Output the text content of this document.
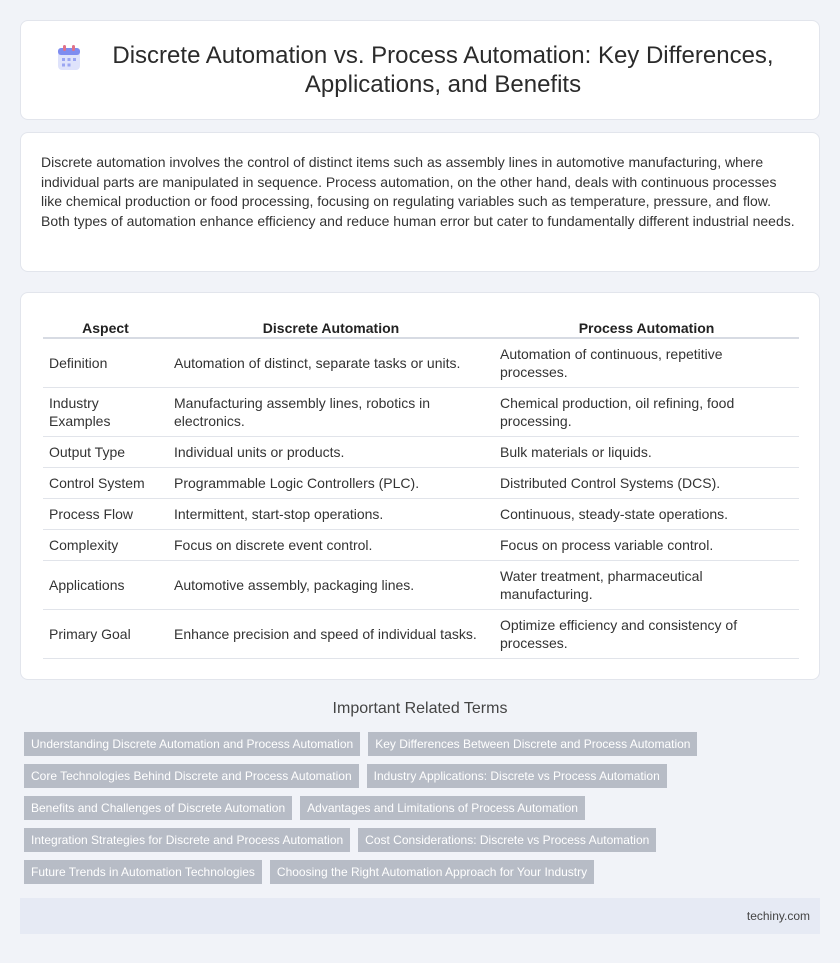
Discrete Automation vs. Process Automation: Key Differences, Applications, and Benefits

Discrete automation involves the control of distinct items such as assembly lines in automotive manufacturing, where individual parts are manipulated in sequence. Process automation, on the other hand, deals with continuous processes like chemical production or food processing, focusing on regulating variables such as temperature, pressure, and flow. Both types of automation enhance efficiency and reduce human error but cater to fundamentally different industrial needs.

Aspect	Discrete Automation	Process Automation
Definition	Automation of distinct, separate tasks or units.	Automation of continuous, repetitive processes.
Industry Examples	Manufacturing assembly lines, robotics in electronics.	Chemical production, oil refining, food processing.
Output Type	Individual units or products.	Bulk materials or liquids.
Control System	Programmable Logic Controllers (PLC).	Distributed Control Systems (DCS).
Process Flow	Intermittent, start-stop operations.	Continuous, steady-state operations.
Complexity	Focus on discrete event control.	Focus on process variable control.
Applications	Automotive assembly, packaging lines.	Water treatment, pharmaceutical manufacturing.
Primary Goal	Enhance precision and speed of individual tasks.	Optimize efficiency and consistency of processes.
Important Related Terms
Understanding Discrete Automation and Process Automation	Key Differences Between Discrete and Process Automation
Core Technologies Behind Discrete and Process Automation	Industry Applications: Discrete vs Process Automation
Benefits and Challenges of Discrete Automation	Advantages and Limitations of Process Automation
Integration Strategies for Discrete and Process Automation	Cost Considerations: Discrete vs Process Automation
Future Trends in Automation Technologies	Choosing the Right Automation Approach for Your Industry
techiny.com
